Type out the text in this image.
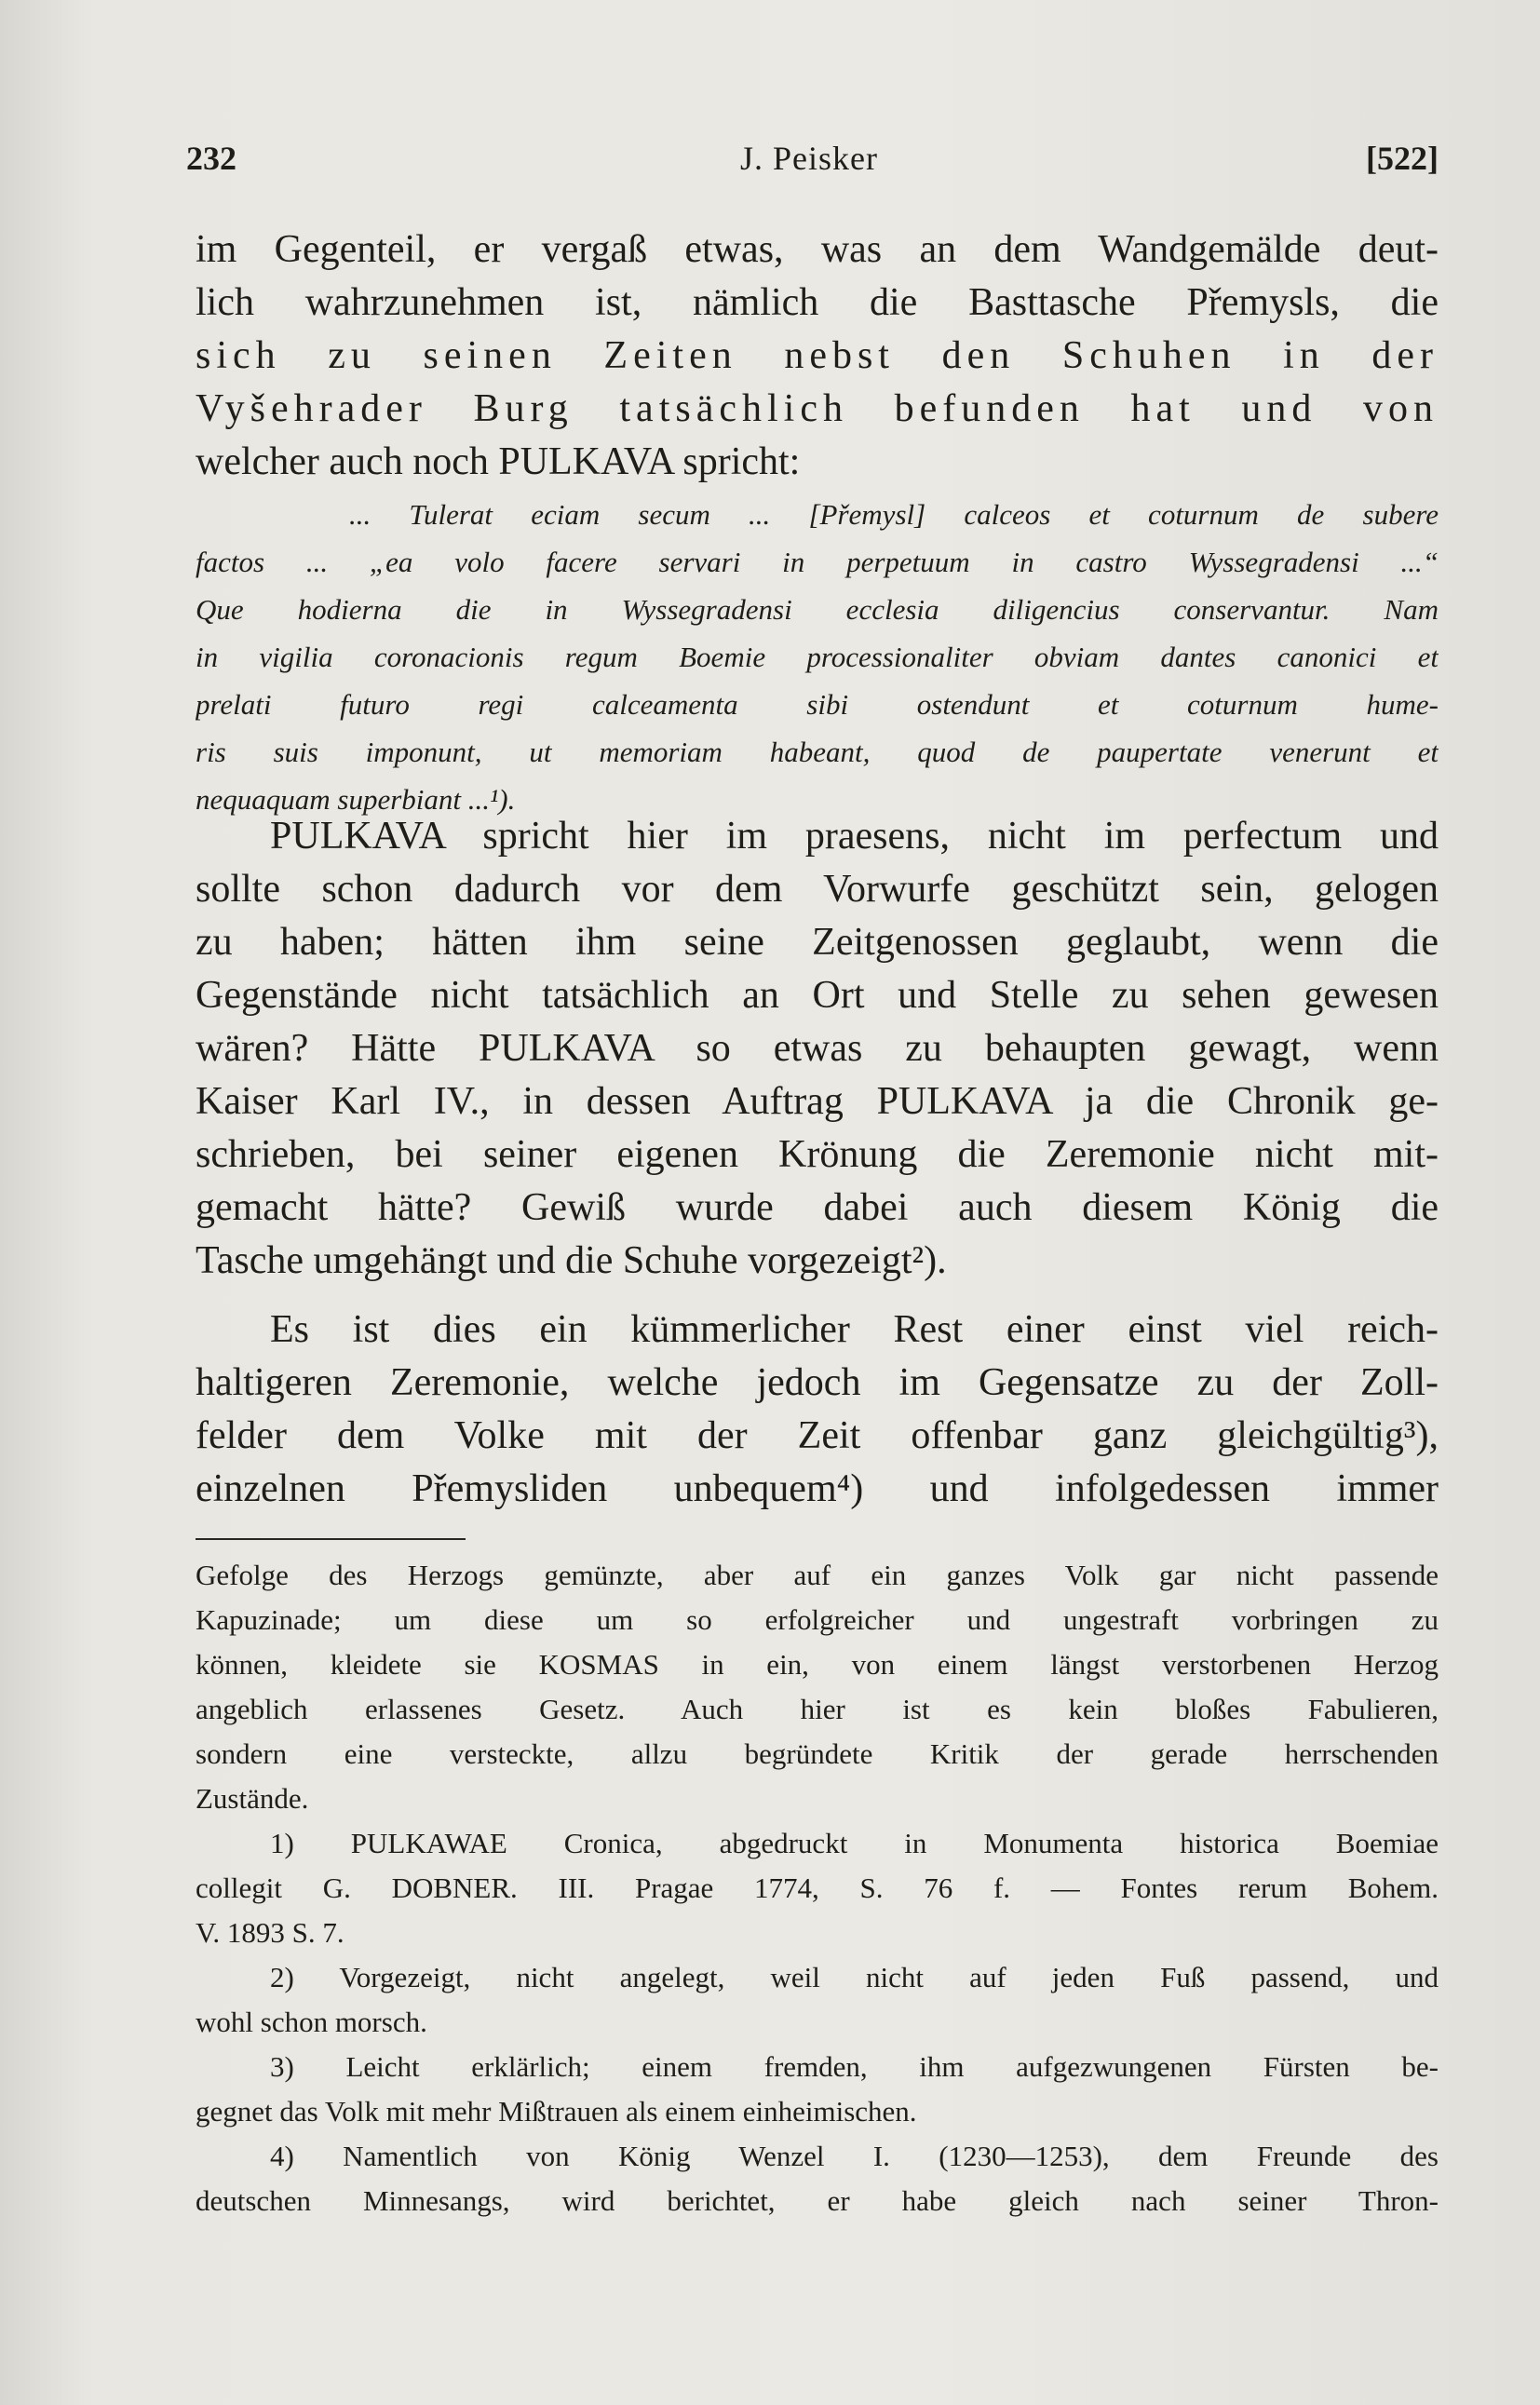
232	J. Peisker	[522]
im Gegenteil, er vergaß etwas, was an dem Wandgemälde deut-
lich wahrzunehmen ist, nämlich die Basttasche Přemysls, die
sich zu seinen Zeiten nebst den Schuhen in der
Vyšehrader Burg tatsächlich befunden hat und von
welcher auch noch PULKAVA spricht:
... Tulerat eciam secum ... [Přemysl] calceos et coturnum de subere
factos ... „ea volo facere servari in perpetuum in castro Wyssegradensi ...“
Que hodierna die in Wyssegradensi ecclesia diligencius conservantur. Nam
in vigilia coronacionis regum Boemie processionaliter obviam dantes canonici et
prelati futuro regi calceamenta sibi ostendunt et coturnum hume-
ris suis imponunt, ut memoriam habeant, quod de paupertate venerunt et
nequaquam superbiant ...¹).
PULKAVA spricht hier im praesens, nicht im perfectum und
sollte schon dadurch vor dem Vorwurfe geschützt sein, gelogen
zu haben; hätten ihm seine Zeitgenossen geglaubt, wenn die
Gegenstände nicht tatsächlich an Ort und Stelle zu sehen gewesen
wären? Hätte PULKAVA so etwas zu behaupten gewagt, wenn
Kaiser Karl IV., in dessen Auftrag PULKAVA ja die Chronik ge-
schrieben, bei seiner eigenen Krönung die Zeremonie nicht mit-
gemacht hätte? Gewiß wurde dabei auch diesem König die
Tasche umgehängt und die Schuhe vorgezeigt²).
Es ist dies ein kümmerlicher Rest einer einst viel reich-
haltigeren Zeremonie, welche jedoch im Gegensatze zu der Zoll-
felder dem Volke mit der Zeit offenbar ganz gleichgültig³),
einzelnen Přemysliden unbequem⁴) und infolgedessen immer
Gefolge des Herzogs gemünzte, aber auf ein ganzes Volk gar nicht passende
Kapuzinade; um diese um so erfolgreicher und ungestraft vorbringen zu
können, kleidete sie KOSMAS in ein, von einem längst verstorbenen Herzog
angeblich erlassenes Gesetz. Auch hier ist es kein bloßes Fabulieren,
sondern eine versteckte, allzu begründete Kritik der gerade herrschenden
Zustände.
1) PULKAWAE Cronica, abgedruckt in Monumenta historica Boemiae
collegit G. DOBNER. III. Pragae 1774, S. 76 f. — Fontes rerum Bohem.
V. 1893 S. 7.
2) Vorgezeigt, nicht angelegt, weil nicht auf jeden Fuß passend, und
wohl schon morsch.
3) Leicht erklärlich; einem fremden, ihm aufgezwungenen Fürsten be-
gegnet das Volk mit mehr Mißtrauen als einem einheimischen.
4) Namentlich von König Wenzel I. (1230—1253), dem Freunde des
deutschen Minnesangs, wird berichtet, er habe gleich nach seiner Thron-
